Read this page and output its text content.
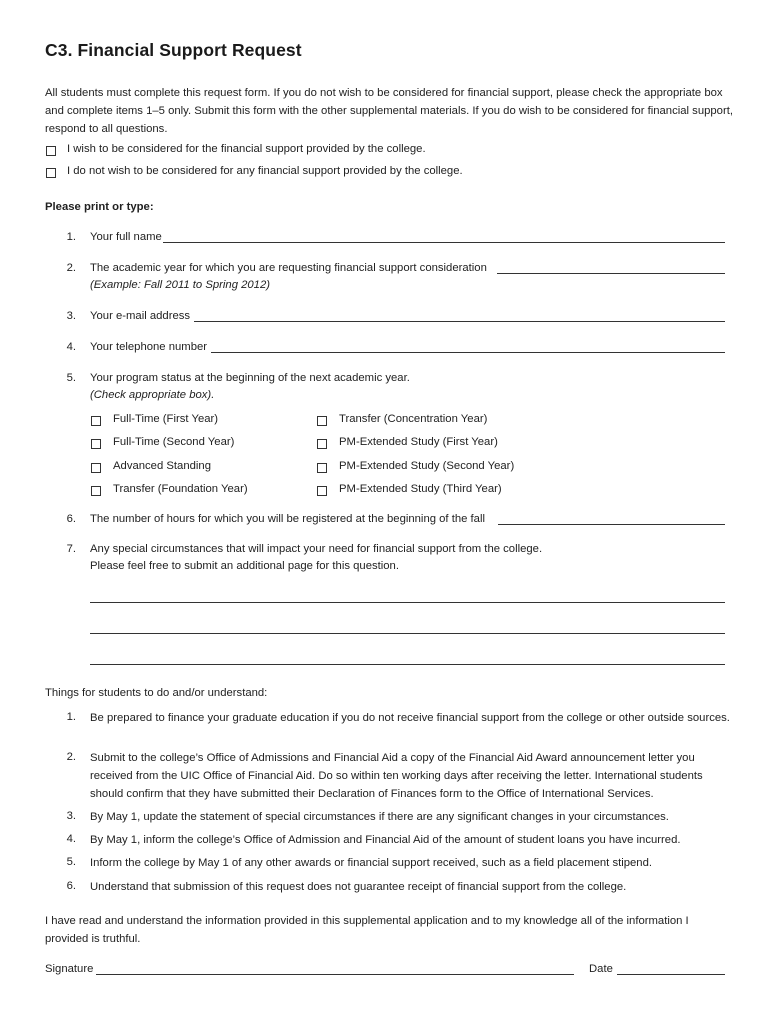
C3. Financial Support Request
All students must complete this request form. If you do not wish to be considered for financial support, please check the appropriate box and complete items 1–5 only. Submit this form with the other supplemental materials. If you do wish to be considered for financial support, respond to all questions.
I wish to be considered for the financial support provided by the college.
I do not wish to be considered for any financial support provided by the college.
Please print or type:
1. Your full name
2. The academic year for which you are requesting financial support consideration
(Example: Fall 2011 to Spring 2012)
3. Your e-mail address
4. Your telephone number
5. Your program status at the beginning of the next academic year.
(Check appropriate box).
Full-Time (First Year)
Full-Time (Second Year)
Advanced Standing
Transfer (Foundation Year)
Transfer (Concentration Year)
PM-Extended Study (First Year)
PM-Extended Study (Second Year)
PM-Extended Study (Third Year)
6. The number of hours for which you will be registered at the beginning of the fall
7. Any special circumstances that will impact your need for financial support from the college.
Please feel free to submit an additional page for this question.
Things for students to do and/or understand:
1. Be prepared to finance your graduate education if you do not receive financial support from the college or other outside sources.
2. Submit to the college’s Office of Admissions and Financial Aid a copy of the Financial Aid Award announcement letter you received from the UIC Office of Financial Aid. Do so within ten working days after receiving the letter. International students should confirm that they have submitted their Declaration of Finances form to the Office of International Services.
3. By May 1, update the statement of special circumstances if there are any significant changes in your circumstances.
4. By May 1, inform the college’s Office of Admission and Financial Aid of the amount of student loans you have incurred.
5. Inform the college by May 1 of any other awards or financial support received, such as a field placement stipend.
6. Understand that submission of this request does not guarantee receipt of financial support from the college.
I have read and understand the information provided in this supplemental application and to my knowledge all of the information I provided is truthful.
Signature	Date
